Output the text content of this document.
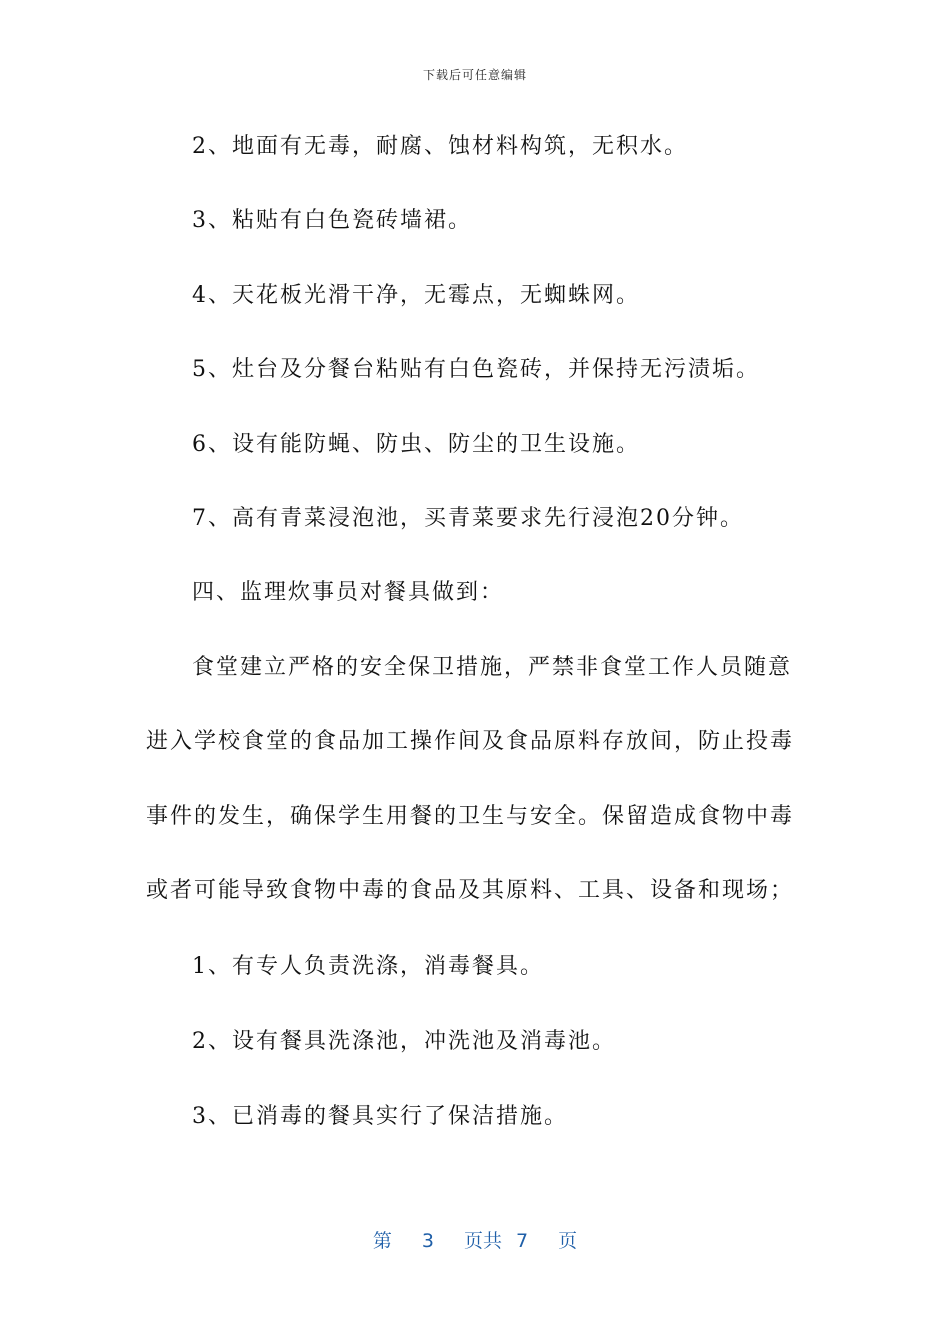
下载后可任意编辑
2、地面有无毒，耐腐、蚀材料构筑，无积水。
3、粘贴有白色瓷砖墙裙。
4、天花板光滑干净，无霉点，无蜘蛛网。
5、灶台及分餐台粘贴有白色瓷砖，并保持无污渍垢。
6、设有能防蝇、防虫、防尘的卫生设施。
7、高有青菜浸泡池，买青菜要求先行浸泡20分钟。
四、监理炊事员对餐具做到：
食堂建立严格的安全保卫措施，严禁非食堂工作人员随意
进入学校食堂的食品加工操作间及食品原料存放间，防止投毒
事件的发生，确保学生用餐的卫生与安全。保留造成食物中毒
或者可能导致食物中毒的食品及其原料、工具、设备和现场；
1、有专人负责洗涤，消毒餐具。
2、设有餐具洗涤池，冲洗池及消毒池。
3、已消毒的餐具实行了保洁措施。
第 3 页共 7 页
